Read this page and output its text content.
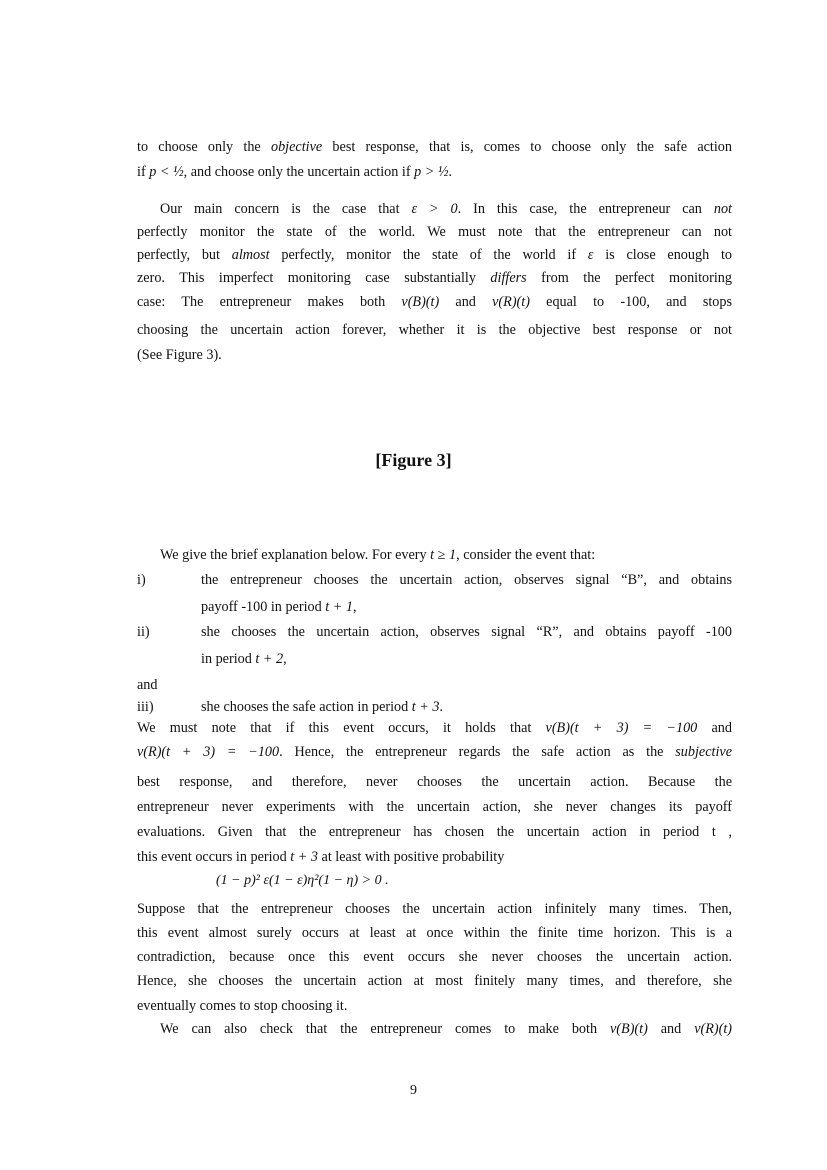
to choose only the objective best response, that is, comes to choose only the safe action
if p < ½, and choose only the uncertain action if p > ½.
Our main concern is the case that ε > 0. In this case, the entrepreneur can not
perfectly monitor the state of the world. We must note that the entrepreneur can not
perfectly, but almost perfectly, monitor the state of the world if ε is close enough to
zero. This imperfect monitoring case substantially differs from the perfect monitoring
case: The entrepreneur makes both v(B)(t) and v(R)(t) equal to -100, and stops
choosing the uncertain action forever, whether it is the objective best response or not
(See Figure 3).
[Figure 3]
We give the brief explanation below. For every t ≥ 1, consider the event that:
i)	the entrepreneur chooses the uncertain action, observes signal “B”, and obtains
payoff -100 in period t + 1,
ii)	she chooses the uncertain action, observes signal “R”, and obtains payoff -100
in period t + 2,
and
iii)	she chooses the safe action in period t + 3.
We must note that if this event occurs, it holds that v(B)(t + 3) = −100 and
v(R)(t + 3) = −100. Hence, the entrepreneur regards the safe action as the subjective
best response, and therefore, never chooses the uncertain action. Because the
entrepreneur never experiments with the uncertain action, she never changes its payoff
evaluations. Given that the entrepreneur has chosen the uncertain action in period t ,
this event occurs in period t + 3 at least with positive probability
(1 − p)² ε(1 − ε)η²(1 − η) > 0 .
Suppose that the entrepreneur chooses the uncertain action infinitely many times. Then,
this event almost surely occurs at least at once within the finite time horizon. This is a
contradiction, because once this event occurs she never chooses the uncertain action.
Hence, she chooses the uncertain action at most finitely many times, and therefore, she
eventually comes to stop choosing it.
We can also check that the entrepreneur comes to make both v(B)(t) and v(R)(t)
9
